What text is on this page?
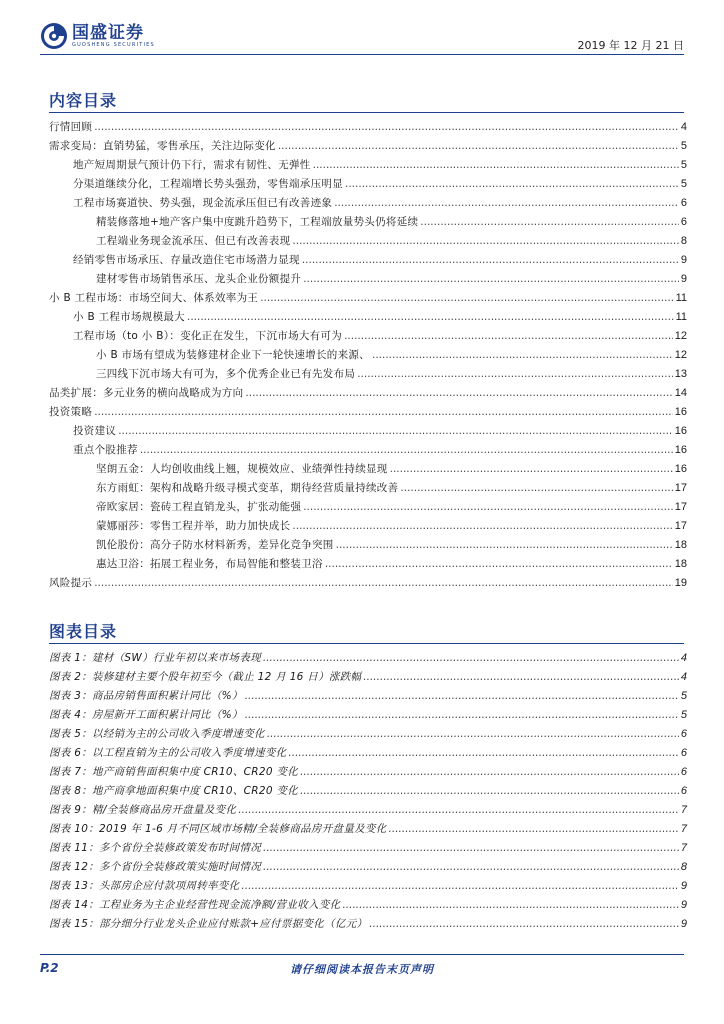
国盛证券
GUOSHENG SECURITIES	2019 年 12 月 21 日
内容目录
行情回顾 .....	4
需求变局：直销势猛，零售承压，关注边际变化 .....	5
地产短周期景气预计仍下行，需求有韧性、无弹性 .....	5
分渠道继续分化，工程端增长势头强劲，零售端承压明显 .....	5
工程市场赛道快、势头强，现金流承压但已有改善迹象 .....	6
精装修落地+地产客户集中度跳升趋势下，工程端放量势头仍将延续 .....	6
工程端业务现金流承压、但已有改善表现 .....	8
经销零售市场承压、存量改造住宅市场潜力显现 .....	9
建材零售市场销售承压、龙头企业份额提升 .....	9
小 B 工程市场：市场空间大、体系效率为王 .....	11
小 B 工程市场规模最大 .....	11
工程市场（to 小 B）：变化正在发生，下沉市场大有可为 .....	12
小 B 市场有望成为装修建材企业下一轮快速增长的来源、 .....	12
三四线下沉市场大有可为，多个优秀企业已有先发布局 .....	13
品类扩展：多元业务的横向战略成为方向 .....	14
投资策略 .....	16
投资建议 .....	16
重点个股推荐 .....	16
坚朗五金：人均创收曲线上翘，规模效应、业绩弹性持续显现 .....	16
东方雨虹：架构和战略升级寻模式变革，期待经营质量持续改善 .....	17
帝欧家居：瓷砖工程直销龙头，扩张动能强 .....	17
蒙娜丽莎：零售工程并举，助力加快成长 .....	17
凯伦股份：高分子防水材料新秀，差异化竞争突围 .....	18
惠达卫浴：拓展工程业务，布局智能和整装卫浴 .....	18
风险提示 .....	19
图表目录
图表 1：建材（SW）行业年初以来市场表现 .....	4
图表 2：装修建材主要个股年初至今（截止 12 月 16 日）涨跌幅 .....	4
图表 3：商品房销售面积累计同比（%） .....	5
图表 4：房屋新开工面积累计同比（%） .....	5
图表 5：以经销为主的公司收入季度增速变化 .....	6
图表 6：以工程直销为主的公司收入季度增速变化 .....	6
图表 7：地产商销售面积集中度 CR10、CR20 变化 .....	6
图表 8：地产商拿地面积集中度 CR10、CR20 变化 .....	6
图表 9：精/全装修商品房开盘量及变化 .....	7
图表 10：2019 年 1-6 月不同区域市场精/全装修商品房开盘量及变化 .....	7
图表 11：多个省份全装修政策发布时间情况 .....	7
图表 12：多个省份全装修政策实施时间情况 .....	8
图表 13：头部房企应付款项周转率变化 .....	9
图表 14：工程业务为主企业经营性现金流净额/营业收入变化 .....	9
图表 15：部分细分行业龙头企业应付账款+应付票据变化（亿元） .....	9
P.2	请仔细阅读本报告末页声明
